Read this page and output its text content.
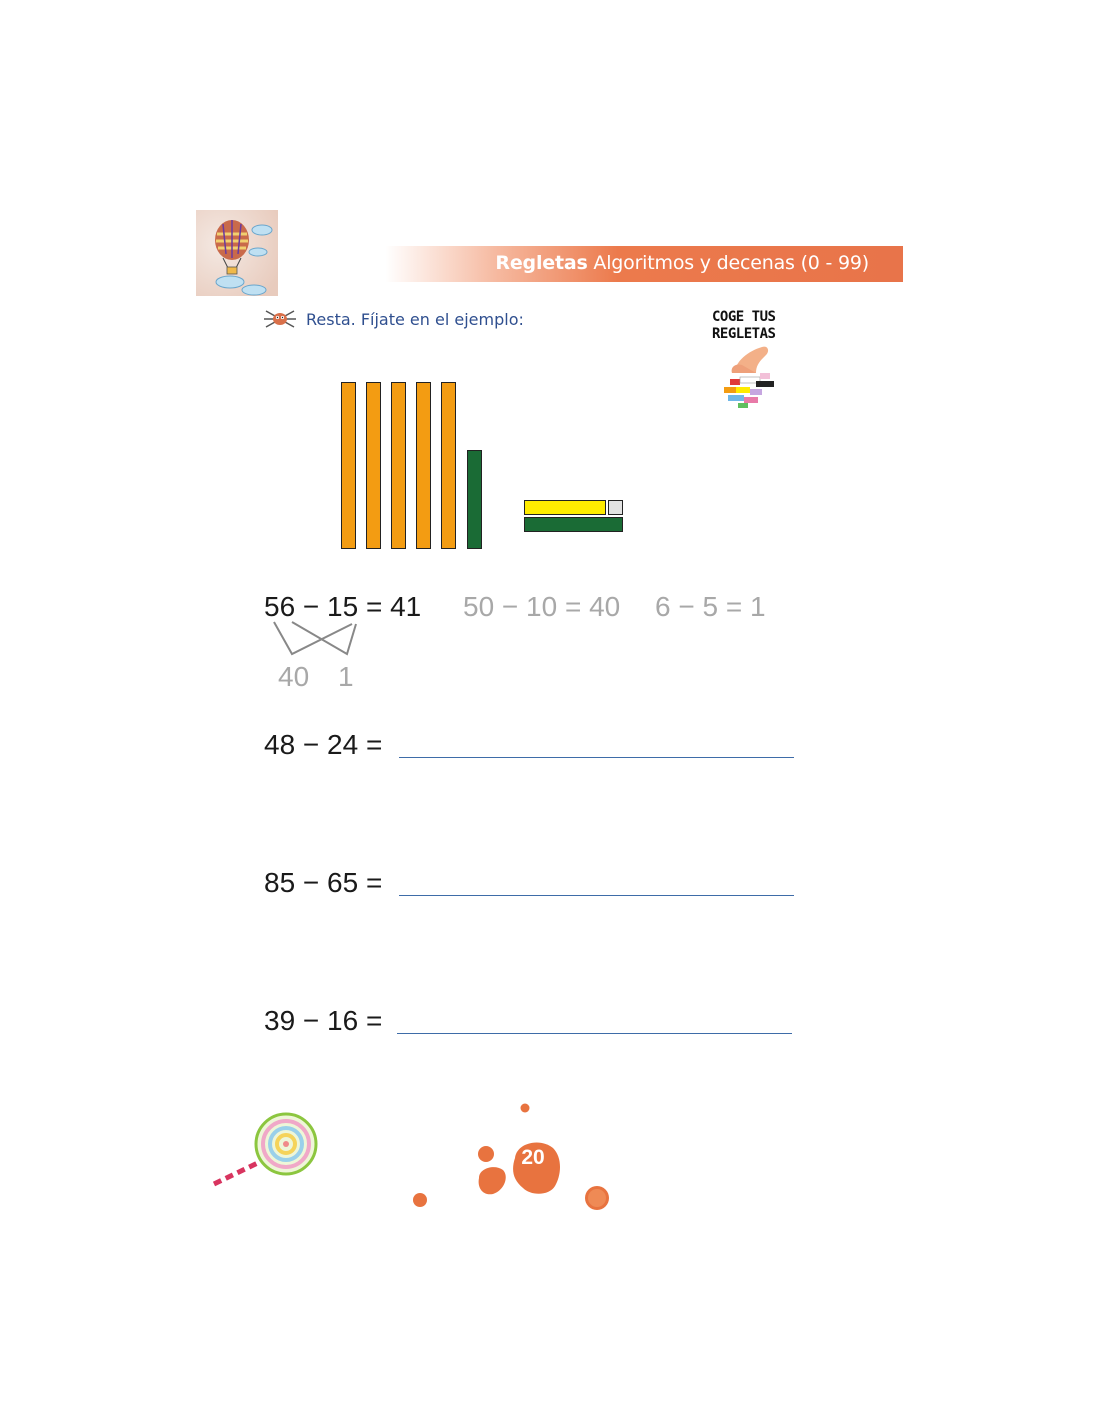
Regletas Algoritmos y decenas (0 - 99)
Resta. Fíjate en el ejemplo:	COGE TUS
REGLETAS
56 − 15 = 41 50 − 10 = 40 6 − 5 = 1
40 1
48 − 24 =
85 − 65 =
39 − 16 =
20
